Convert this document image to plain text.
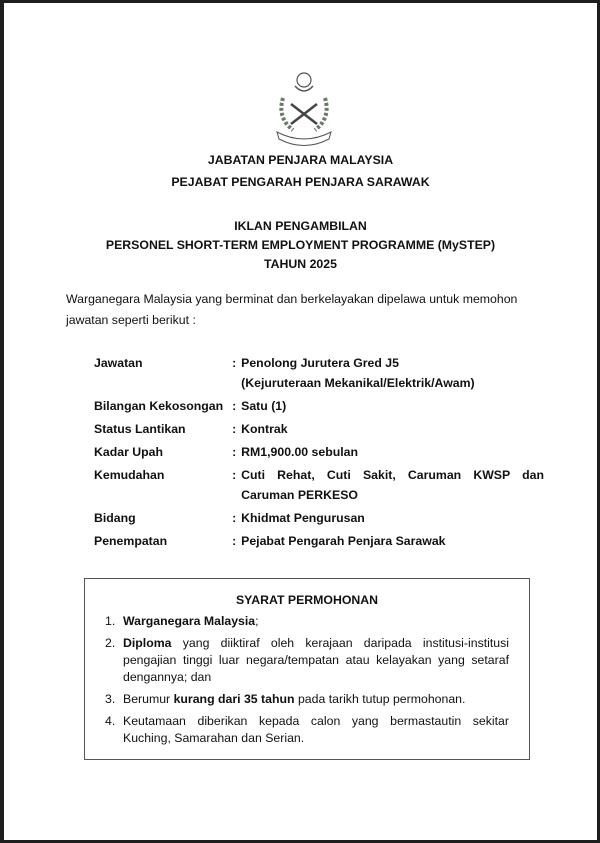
JABATAN PENJARA MALAYSIA
PEJABAT PENGARAH PENJARA SARAWAK
IKLAN PENGAMBILAN
PERSONEL SHORT-TERM EMPLOYMENT PROGRAMME (MySTEP)
TAHUN 2025
Warganegara Malaysia yang berminat dan berkelayakan dipelawa untuk memohon
jawatan seperti berikut :
Jawatan	: Penolong Jurutera Gred J5
(Kejuruteraan Mekanikal/Elektrik/Awam)
Bilangan Kekosongan : Satu (1)
Status Lantikan	: Kontrak
Kadar Upah	: RM1,900.00 sebulan
Kemudahan	: Cuti Rehat, Cuti Sakit, Caruman KWSP dan Caruman PERKESO
Bidang	: Khidmat Pengurusan
Penempatan	: Pejabat Pengarah Penjara Sarawak
SYARAT PERMOHONAN
1. Warganegara Malaysia;
2. Diploma yang diiktiraf oleh kerajaan daripada institusi-institusi pengajian tinggi luar negara/tempatan atau kelayakan yang setaraf dengannya; dan
3. Berumur kurang dari 35 tahun pada tarikh tutup permohonan.
4. Keutamaan diberikan kepada calon yang bermastautin sekitar Kuching, Samarahan dan Serian.
